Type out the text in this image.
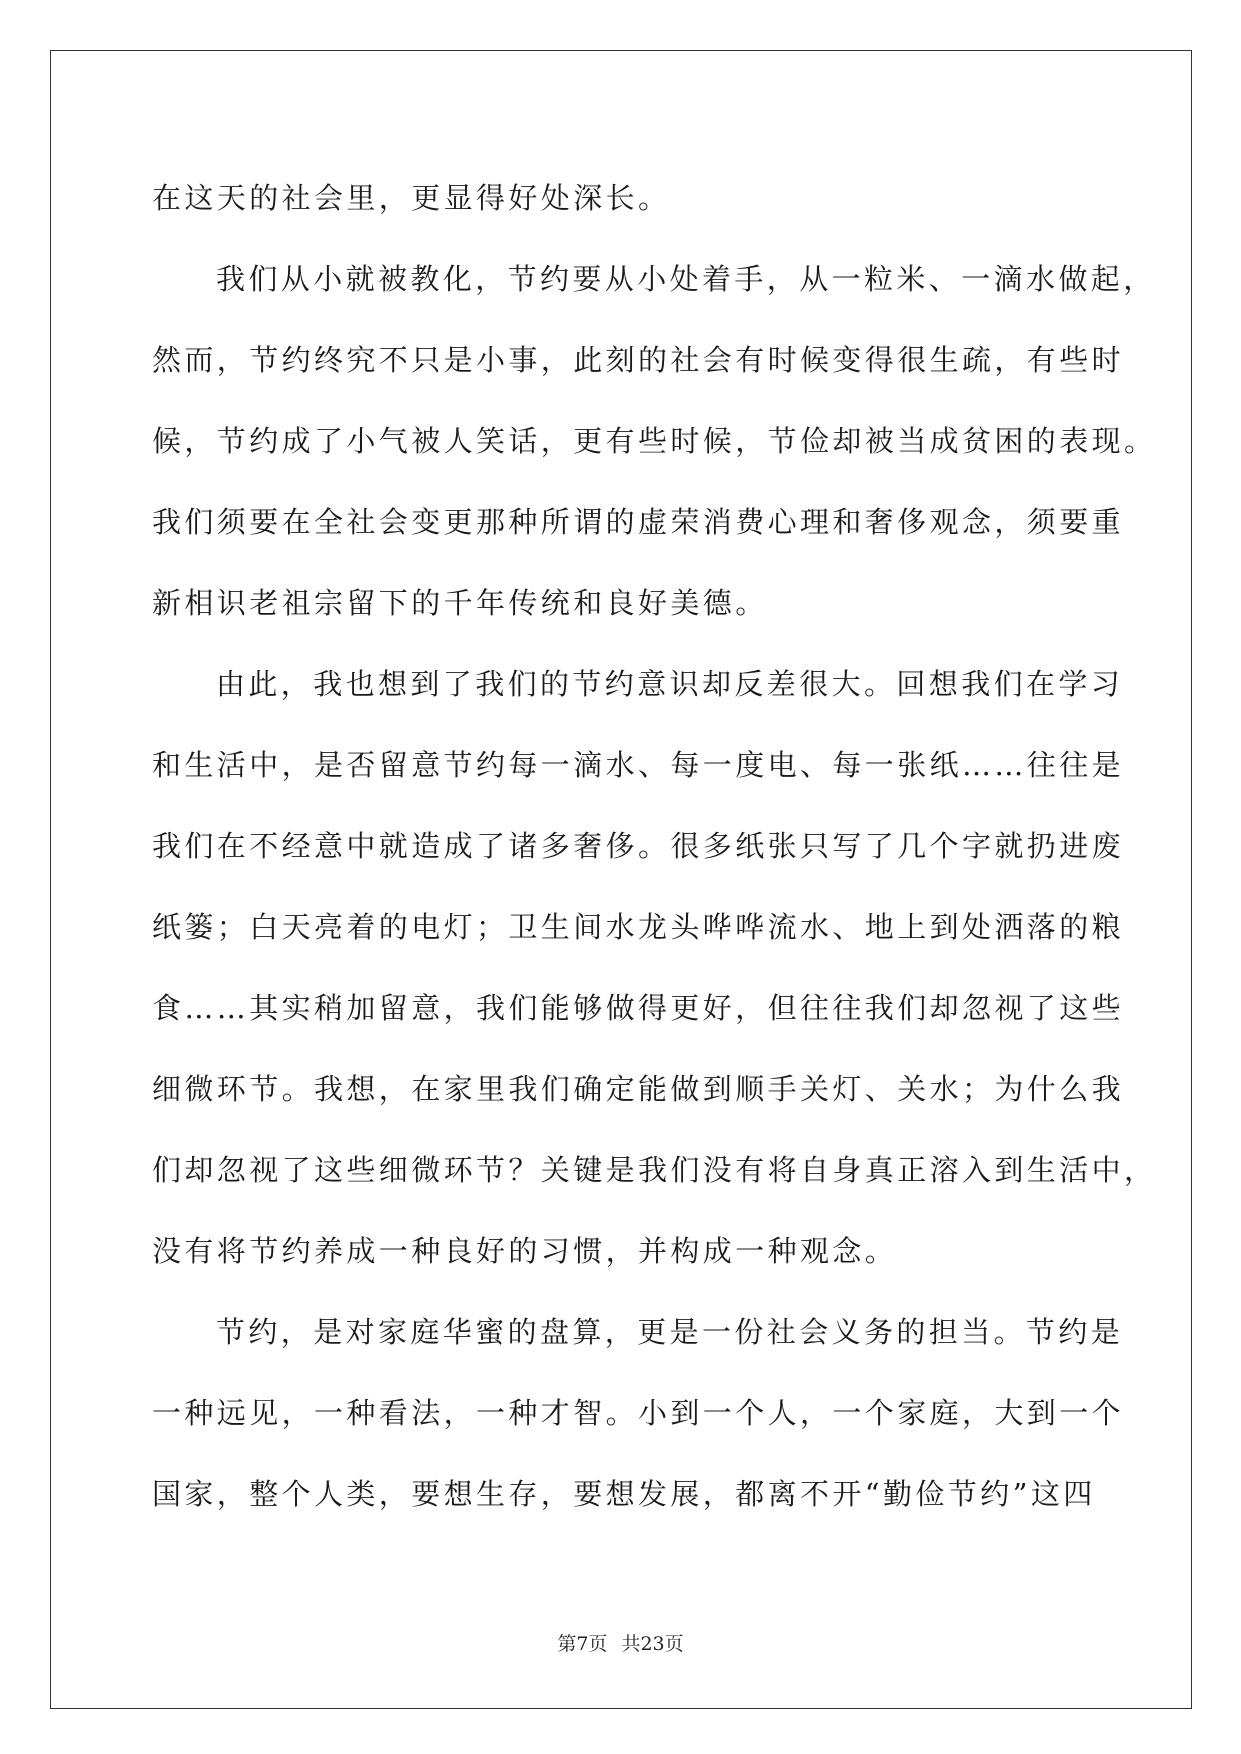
在这天的社会里，更显得好处深长。

我们从小就被教化，节约要从小处着手，从一粒米、一滴水做起，
然而，节约终究不只是小事，此刻的社会有时候变得很生疏，有些时
候，节约成了小气被人笑话，更有些时候，节俭却被当成贫困的表现。
我们须要在全社会变更那种所谓的虚荣消费心理和奢侈观念，须要重
新相识老祖宗留下的千年传统和良好美德。

由此，我也想到了我们的节约意识却反差很大。回想我们在学习
和生活中，是否留意节约每一滴水、每一度电、每一张纸……往往是
我们在不经意中就造成了诸多奢侈。很多纸张只写了几个字就扔进废
纸篓；白天亮着的电灯；卫生间水龙头哗哗流水、地上到处洒落的粮
食……其实稍加留意，我们能够做得更好，但往往我们却忽视了这些
细微环节。我想，在家里我们确定能做到顺手关灯、关水；为什么我
们却忽视了这些细微环节？关键是我们没有将自身真正溶入到生活中，
没有将节约养成一种良好的习惯，并构成一种观念。

节约，是对家庭华蜜的盘算，更是一份社会义务的担当。节约是
一种远见，一种看法，一种才智。小到一个人，一个家庭，大到一个
国家，整个人类，要想生存，要想发展，都离不开“勤俭节约”这四

第7页 共23页
